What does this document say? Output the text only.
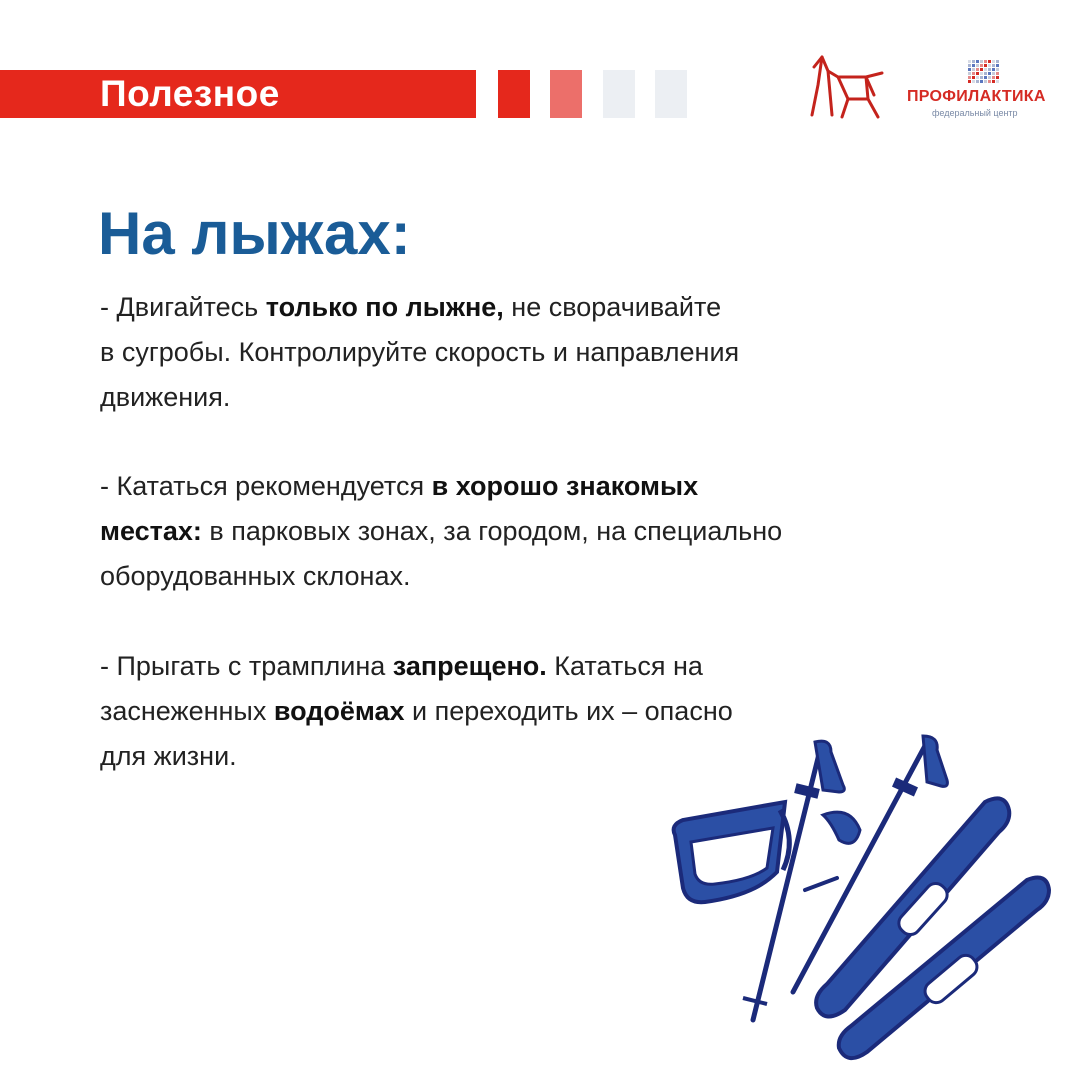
Полезное	ПРОФИЛАКТИКА
федеральный центр
На лыжах:

- Двигайтесь только по лыжне, не сворачивайте
в сугробы. Контролируйте скорость и направления
движения.

- Кататься рекомендуется в хорошо знакомых
местах: в парковых зонах, за городом, на специально
оборудованных склонах.

- Прыгать с трамплина запрещено. Кататься на
заснеженных водоёмах и переходить их – опасно
для жизни.
